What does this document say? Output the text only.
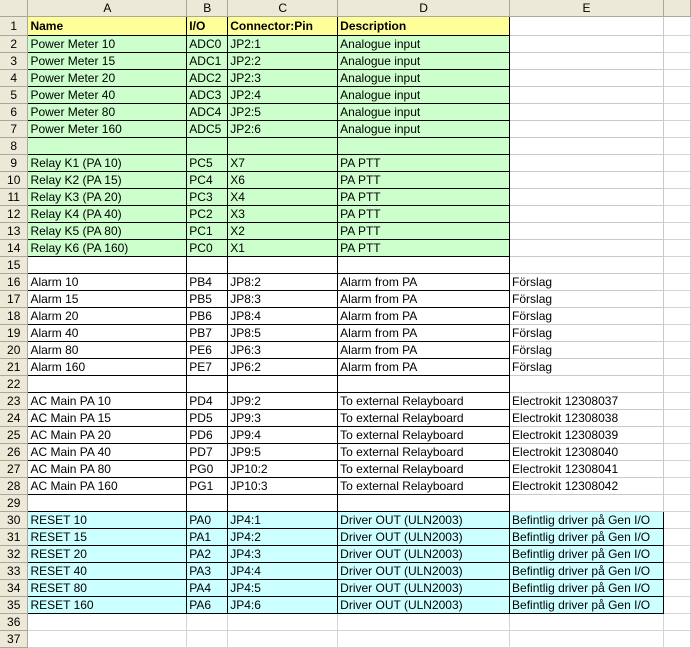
	A	B	C	D	E	
1	Name	I/O	Connector:Pin	Description		
2	Power Meter 10	ADC0	JP2:1	Analogue input		
3	Power Meter 15	ADC1	JP2:2	Analogue input		
4	Power Meter 20	ADC2	JP2:3	Analogue input		
5	Power Meter 40	ADC3	JP2:4	Analogue input		
6	Power Meter 80	ADC4	JP2:5	Analogue input		
7	Power Meter 160	ADC5	JP2:6	Analogue input		
8						
9	Relay K1 (PA 10)	PC5	X7	PA PTT		
10	Relay K2 (PA 15)	PC4	X6	PA PTT		
11	Relay K3 (PA 20)	PC3	X4	PA PTT		
12	Relay K4 (PA 40)	PC2	X3	PA PTT		
13	Relay K5 (PA 80)	PC1	X2	PA PTT		
14	Relay K6 (PA 160)	PC0	X1	PA PTT		
15						
16	Alarm 10	PB4	JP8:2	Alarm from PA	Förslag	
17	Alarm 15	PB5	JP8:3	Alarm from PA	Förslag	
18	Alarm 20	PB6	JP8:4	Alarm from PA	Förslag	
19	Alarm 40	PB7	JP8:5	Alarm from PA	Förslag	
20	Alarm 80	PE6	JP6:3	Alarm from PA	Förslag	
21	Alarm 160	PE7	JP6:2	Alarm from PA	Förslag	
22						
23	AC Main PA 10	PD4	JP9:2	To external Relayboard	Electrokit 12308037	
24	AC Main PA 15	PD5	JP9:3	To external Relayboard	Electrokit 12308038	
25	AC Main PA 20	PD6	JP9:4	To external Relayboard	Electrokit 12308039	
26	AC Main PA 40	PD7	JP9:5	To external Relayboard	Electrokit 12308040	
27	AC Main PA 80	PG0	JP10:2	To external Relayboard	Electrokit 12308041	
28	AC Main PA 160	PG1	JP10:3	To external Relayboard	Electrokit 12308042	
29						
30	RESET 10	PA0	JP4:1	Driver OUT (ULN2003)	Befintlig driver på Gen I/O	
31	RESET 15	PA1	JP4:2	Driver OUT (ULN2003)	Befintlig driver på Gen I/O	
32	RESET 20	PA2	JP4:3	Driver OUT (ULN2003)	Befintlig driver på Gen I/O	
33	RESET 40	PA3	JP4:4	Driver OUT (ULN2003)	Befintlig driver på Gen I/O	
34	RESET 80	PA4	JP4:5	Driver OUT (ULN2003)	Befintlig driver på Gen I/O	
35	RESET 160	PA6	JP4:6	Driver OUT (ULN2003)	Befintlig driver på Gen I/O	
36						
37						
